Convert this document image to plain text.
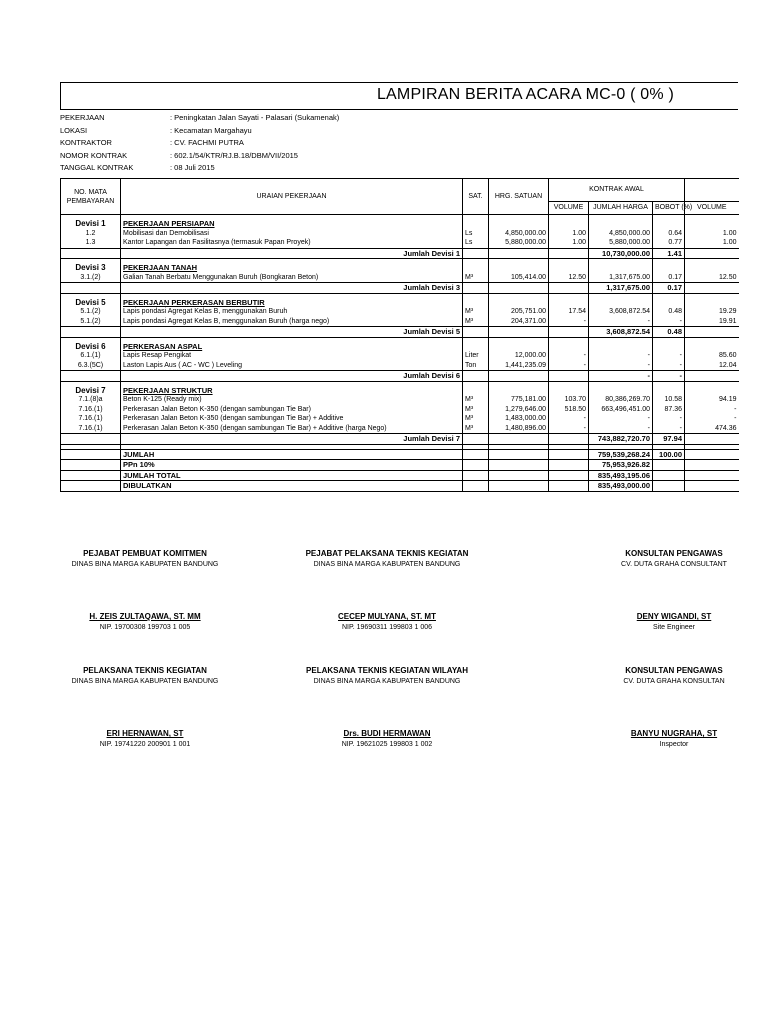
LAMPIRAN BERITA ACARA MC-0 ( 0% )
PEKERJAAN	: Peningkatan Jalan Sayati - Palasari (Sukamenak)
LOKASI	: Kecamatan Margahayu
KONTRAKTOR	: CV. FACHMI PUTRA
NOMOR KONTRAK	: 602.1/54/KTR/RJ.B.18/DBM/VII/2015
TANGGAL KONTRAK	: 08 Juli 2015
NO. MATA
PEMBAYARAN	URAIAN PEKERJAAN	SAT.	HRG. SATUAN	KONTRAK AWAL			
				VOLUME	JUMLAH HARGA	BOBOT (%)	VOLUME

Devisi 1	PEKERJAAN PERSIAPAN						
1.2	Mobilisasi dan Demobilisasi	Ls	4,850,000.00	1.00	4,850,000.00	0.64	1.00
1.3	Kantor Lapangan dan Fasilitasnya (termasuk Papan Proyek)	Ls	5,880,000.00	1.00	5,880,000.00	0.77	1.00
	Jumlah Devisi 1				10,730,000.00	1.41	

Devisi 3	PEKERJAAN TANAH						
3.1.(2)	Galian Tanah Berbatu Menggunakan Buruh (Bongkaran Beton)	M³	105,414.00	12.50	1,317,675.00	0.17	12.50
	Jumlah Devisi 3				1,317,675.00	0.17	

Devisi 5	PEKERJAAN PERKERASAN BERBUTIR						
5.1.(2)	Lapis pondasi Agregat Kelas B, menggunakan Buruh	M³	205,751.00	17.54	3,608,872.54	0.48	19.29
5.1.(2)	Lapis pondasi Agregat Kelas B, menggunakan Buruh (harga nego)	M³	204,371.00	-	-	-	19.91
	Jumlah Devisi 5				3,608,872.54	0.48	

Devisi 6	PERKERASAN ASPAL						
6.1.(1)	Lapis Resap Pengikat	Liter	12,000.00	-	-	-	85.60
6.3.(5C)	Laston Lapis Aus ( AC - WC ) Leveling	Ton	1,441,235.09	-	-	-	12.04
	Jumlah Devisi 6				-	-	

Devisi 7	PEKERJAAN STRUKTUR						
7.1.(8)a	Beton K-125 (Ready mix)	M³	775,181.00	103.70	80,386,269.70	10.58	94.19
7.16.(1)	Perkerasan Jalan Beton K-350 (dengan sambungan Tie Bar)	M³	1,279,646.00	518.50	663,496,451.00	87.36	-
7.16.(1)	Perkerasan Jalan Beton K-350 (dengan sambungan Tie Bar) + Additive	M³	1,483,000.00	-	-	-	-
7.16.(1)	Perkerasan Jalan Beton K-350 (dengan sambungan Tie Bar) + Additive (harga Nego)	M³	1,480,896.00	-	-	-	474.36
	Jumlah Devisi 7				743,882,720.70	97.94	

	JUMLAH				759,539,268.24	100.00	
	PPn 10%				75,953,926.82		
	JUMLAH TOTAL				835,493,195.06		
	DIBULATKAN				835,493,000.00		
PEJABAT PEMBUAT KOMITMEN
DINAS BINA MARGA KABUPATEN BANDUNG
H. ZEIS ZULTAQAWA, ST. MM
NIP. 19700308 199703 1 005
PEJABAT PELAKSANA TEKNIS KEGIATAN
DINAS BINA MARGA KABUPATEN BANDUNG
CECEP MULYANA, ST. MT
NIP. 19690311 199803 1 006
KONSULTAN PENGAWAS
CV. DUTA GRAHA CONSULTANT
DENY WIGANDI, ST
Site Engineer
PELAKSANA TEKNIS KEGIATAN
DINAS BINA MARGA KABUPATEN BANDUNG
ERI HERNAWAN, ST
NIP. 19741220 200901 1 001
PELAKSANA TEKNIS KEGIATAN WILAYAH
DINAS BINA MARGA KABUPATEN BANDUNG
Drs. BUDI HERMAWAN
NIP. 19621025 199803 1 002
KONSULTAN PENGAWAS
CV. DUTA GRAHA KONSULTAN
BANYU NUGRAHA, ST
Inspector
